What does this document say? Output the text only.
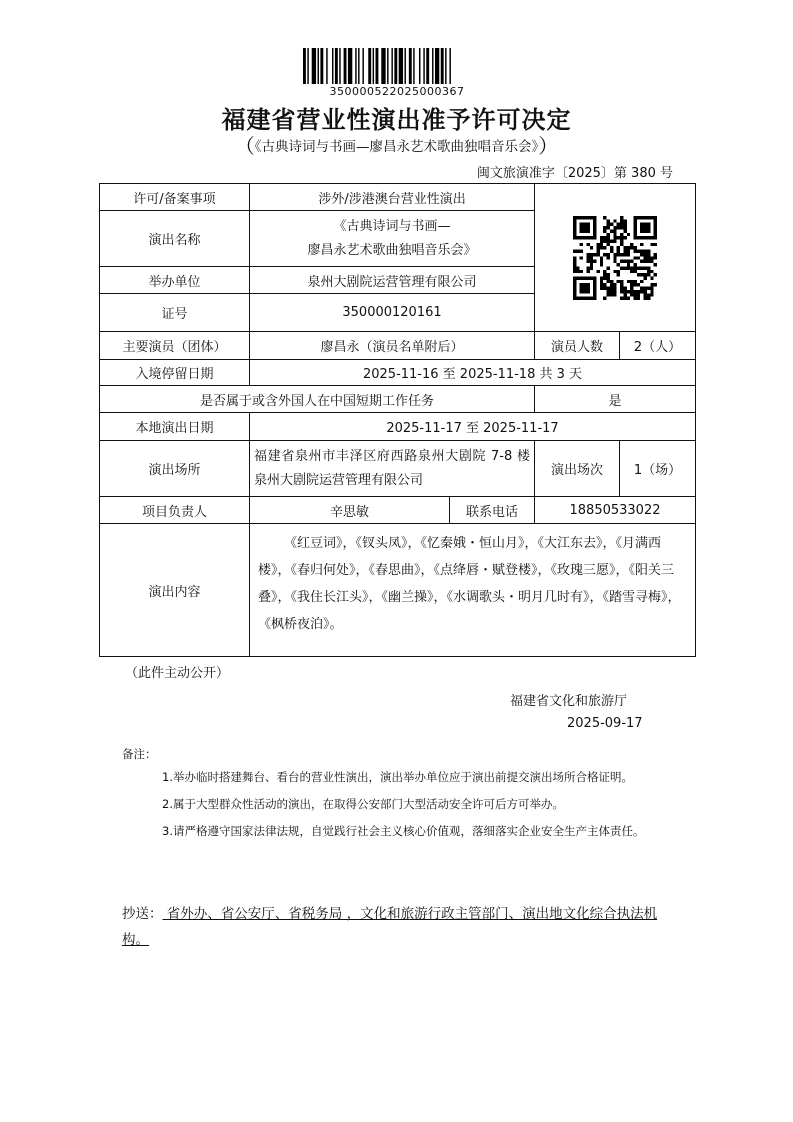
350000522025000367
福建省营业性演出准予许可决定
（《古典诗词与书画—廖昌永艺术歌曲独唱音乐会》）
闽文旅演准字〔2025〕第 380 号
许可/备案事项	涉外/涉港澳台营业性演出	

演出名称	《古典诗词与书画—
廖昌永艺术歌曲独唱音乐会》			
举办单位	泉州大剧院运营管理有限公司			
证号	350000120161			
主要演员（团体）	廖昌永（演员名单附后）		演员人数	2（人）
入境停留日期	2025-11-16 至 2025-11-18 共 3 天			
是否属于或含外国人在中国短期工作任务			是	
本地演出日期	2025-11-17 至 2025-11-17			
演出场所	福建省泉州市丰泽区府西路泉州大剧院 7-8 楼泉州大剧院运营管理有限公司		演出场次	1（场）
项目负责人	辛思敏	联系电话	18850533022	
演出内容	《红豆词》，《钗头凤》，《忆秦娥・恒山月》，《大江东去》，《月满西楼》，《春归何处》，《春思曲》，《点绛唇・赋登楼》，《玫瑰三愿》，《阳关三叠》，《我住长江头》，《幽兰操》，《水调歌头・明月几时有》，《踏雪寻梅》，《枫桥夜泊》。			
（此件主动公开）
福建省文化和旅游厅
2025-09-17
备注：
1.举办临时搭建舞台、看台的营业性演出，演出举办单位应于演出前提交演出场所合格证明。
2.属于大型群众性活动的演出，在取得公安部门大型活动安全许可后方可举办。
3.请严格遵守国家法律法规，自觉践行社会主义核心价值观，落细落实企业安全生产主体责任。
抄送： 省外办、省公安厅、省税务局 ，文化和旅游行政主管部门、演出地文化综合执法机构。
